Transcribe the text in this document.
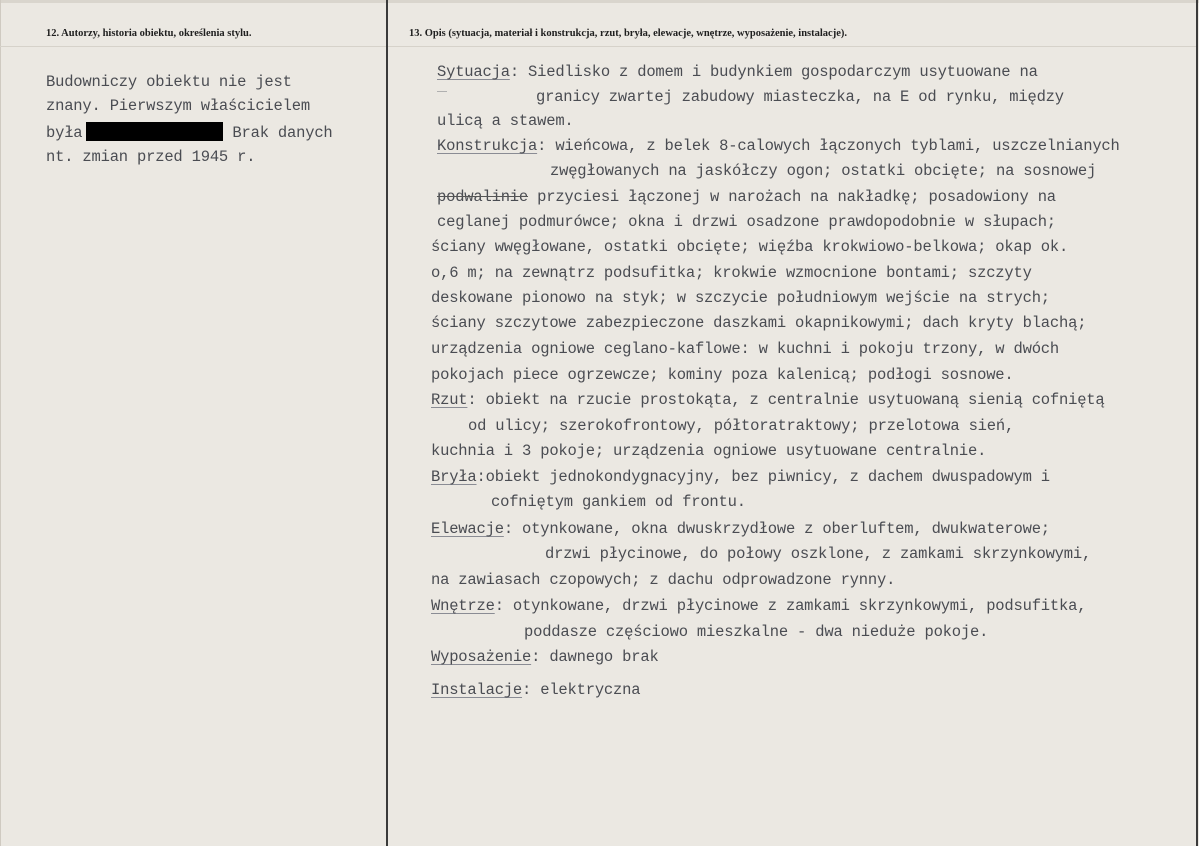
12. Autorzy, historia obiektu, określenia stylu.	13. Opis (sytuacja, materiał i konstrukcja, rzut, bryła, elewacje, wnętrze, wyposażenie, instalacje).
Budowniczy obiektu nie jest
znany. Pierwszym właścicielem
była	Brak danych
nt. zmian przed 1945 r.
Sytuacja: Siedlisko z domem i budynkiem gospodarczym usytuowane na
granicy zwartej zabudowy miasteczka, na E od rynku, między
ulicą a stawem.
Konstrukcja: wieńcowa, z belek 8-calowych łączonych tyblami, uszczelnianych
zwęgłowanych na jaskółczy ogon; ostatki obcięte; na sosnowej
podwalinie przyciesi łączonej w narożach na nakładkę; posadowiony na
ceglanej podmurówce; okna i drzwi osadzone prawdopodobnie w słupach;
ściany wwęgłowane, ostatki obcięte; więźba krokwiowo-belkowa; okap ok.
o,6 m; na zewnątrz podsufitka; krokwie wzmocnione bontami; szczyty
deskowane pionowo na styk; w szczycie południowym wejście na strych;
ściany szczytowe zabezpieczone daszkami okapnikowymi; dach kryty blachą;
urządzenia ogniowe ceglano-kaflowe: w kuchni i pokoju trzony, w dwóch
pokojach piece ogrzewcze; kominy poza kalenicą; podłogi sosnowe.
Rzut: obiekt na rzucie prostokąta, z centralnie usytuowaną sienią cofniętą
od ulicy; szerokofrontowy, półtoratraktowy; przelotowa sień,
kuchnia i 3 pokoje; urządzenia ogniowe usytuowane centralnie.
Bryła:obiekt jednokondygnacyjny, bez piwnicy, z dachem dwuspadowym i
cofniętym gankiem od frontu.
Elewacje: otynkowane, okna dwuskrzydłowe z oberluftem, dwukwaterowe;
drzwi płycinowe, do połowy oszklone, z zamkami skrzynkowymi,
na zawiasach czopowych; z dachu odprowadzone rynny.
Wnętrze: otynkowane, drzwi płycinowe z zamkami skrzynkowymi, podsufitka,
poddasze częściowo mieszkalne - dwa nieduże pokoje.
Wyposażenie: dawnego brak
Instalacje: elektryczna
